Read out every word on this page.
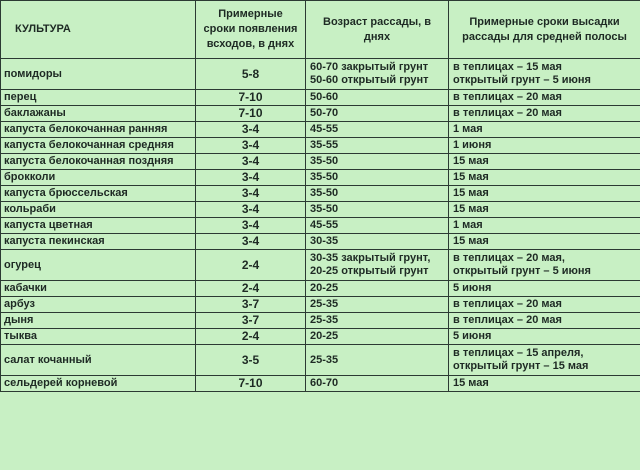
КУЛЬТУРА	Примерные
сроки появления
всходов, в днях	Возраст рассады, в
днях	Примерные сроки высадки
рассады для средней полосы

помидоры	5-8	60-70 закрытый грунт
50-60 открытый грунт	в теплицах – 15 мая
открытый грунт – 5 июня

перец	7-10	50-60	в теплицах – 20 мая

баклажаны	7-10	50-70	в теплицах – 20 мая

капуста белокочанная ранняя	3-4	45-55	1 мая

капуста белокочанная средняя	3-4	35-55	1 июня

капуста белокочанная поздняя	3-4	35-50	15 мая

брокколи	3-4	35-50	15 мая

капуста брюссельская	3-4	35-50	15 мая

кольраби	3-4	35-50	15 мая

капуста цветная	3-4	45-55	1 мая

капуста пекинская	3-4	30-35	15 мая

огурец	2-4	30-35 закрытый грунт,
20-25 открытый грунт	в теплицах – 20 мая,
открытый грунт – 5 июня

кабачки	2-4	20-25	5 июня

арбуз	3-7	25-35	в теплицах – 20 мая

дыня	3-7	25-35	в теплицах – 20 мая

тыква	2-4	20-25	5 июня

салат кочанный	3-5	25-35	в теплицах – 15 апреля,
открытый грунт – 15 мая

сельдерей корневой	7-10	60-70	15 мая
